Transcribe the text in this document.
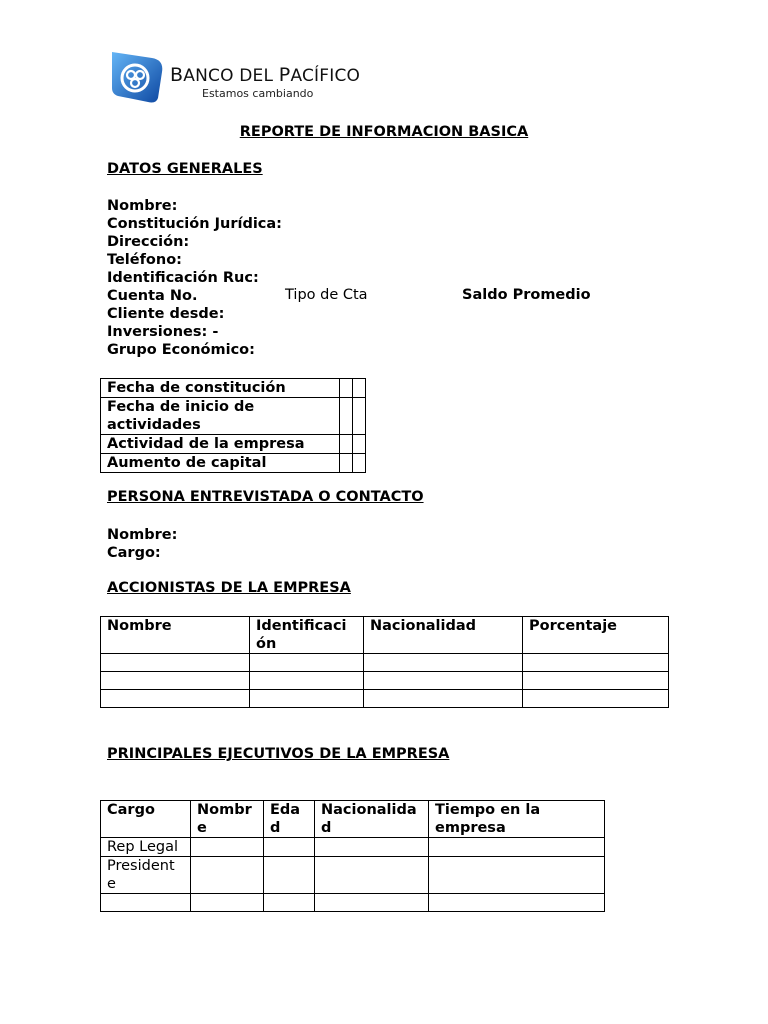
BANCO DEL PACÍFICO
Estamos cambiando
REPORTE DE INFORMACION BASICA
DATOS GENERALES
Nombre:
Constitución Jurídica:
Dirección:
Teléfono:
Identificación Ruc:
Cuenta No.	Tipo de Cta	Saldo Promedio
Cliente desde:
Inversiones: -
Grupo Económico:
Fecha de constitución		
Fecha de inicio de actividades		
Actividad de la empresa		
Aumento de capital		
PERSONA ENTREVISTADA O CONTACTO
Nombre:
Cargo:
ACCIONISTAS DE LA EMPRESA
Nombre	Identificaci ón	Nacionalidad	Porcentaje

PRINCIPALES EJECUTIVOS DE LA EMPRESA
Cargo	Nombr e	Eda d	Nacionalida d	Tiempo en la empresa
Rep Legal				
President e				
